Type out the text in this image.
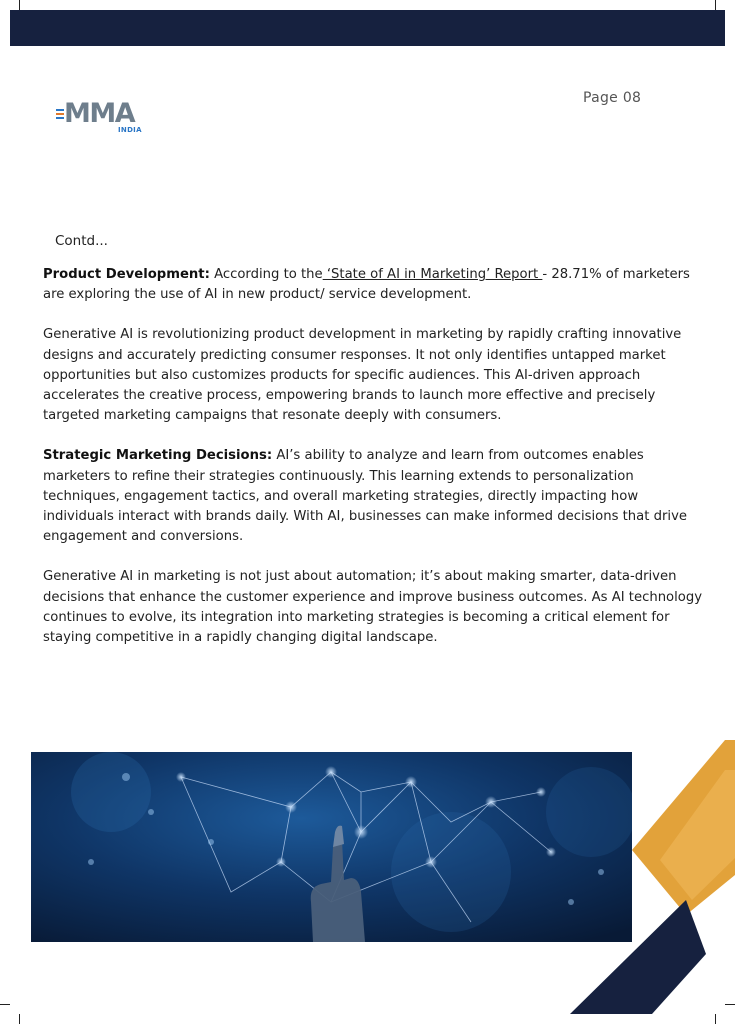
Page 08
MMA
INDIA
Contd...

Product Development: According to the ‘State of AI in Marketing’ Report - 28.71% of marketers are exploring the use of AI in new product/ service development.

Generative AI is revolutionizing product development in marketing by rapidly crafting innovative designs and accurately predicting consumer responses. It not only identifies untapped market opportunities but also customizes products for specific audiences. This AI-driven approach accelerates the creative process, empowering brands to launch more effective and precisely targeted marketing campaigns that resonate deeply with consumers.

Strategic Marketing Decisions: AI’s ability to analyze and learn from outcomes enables marketers to refine their strategies continuously. This learning extends to personalization techniques, engagement tactics, and overall marketing strategies, directly impacting how individuals interact with brands daily. With AI, businesses can make informed decisions that drive engagement and conversions.

Generative AI in marketing is not just about automation; it’s about making smarter, data-driven decisions that enhance the customer experience and improve business outcomes. As AI technology continues to evolve, its integration into marketing strategies is becoming a critical element for staying competitive in a rapidly changing digital landscape.
